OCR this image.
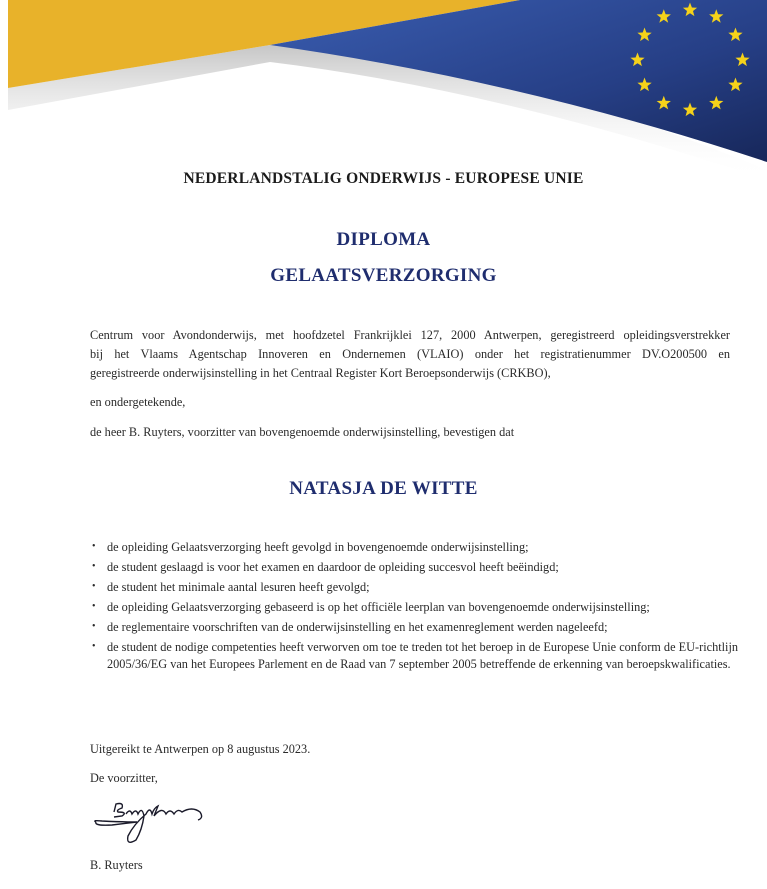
NEDERLANDSTALIG ONDERWIJS - EUROPESE UNIE
DIPLOMA
GELAATSVERZORGING
Centrum voor Avondonderwijs, met hoofdzetel Frankrijklei 127, 2000 Antwerpen, geregistreerd opleidingsverstrekker
bij het Vlaams Agentschap Innoveren en Ondernemen (VLAIO) onder het registratienummer DV.O200500 en
geregistreerde onderwijsinstelling in het Centraal Register Kort Beroepsonderwijs (CRKBO),
en ondergetekende,
de heer B. Ruyters, voorzitter van bovengenoemde onderwijsinstelling, bevestigen dat
NATASJA DE WITTE
• de opleiding Gelaatsverzorging heeft gevolgd in bovengenoemde onderwijsinstelling;
• de student geslaagd is voor het examen en daardoor de opleiding succesvol heeft beëindigd;
• de student het minimale aantal lesuren heeft gevolgd;
• de opleiding Gelaatsverzorging gebaseerd is op het officiële leerplan van bovengenoemde onderwijsinstelling;
• de reglementaire voorschriften van de onderwijsinstelling en het examenreglement werden nageleefd;
• de student de nodige competenties heeft verworven om toe te treden tot het beroep in de Europese Unie conform de EU-richtlijn 2005/36/EG van het Europees Parlement en de Raad van 7 september 2005 betreffende de erkenning van beroepskwalificaties.
Uitgereikt te Antwerpen op 8 augustus 2023.
De voorzitter,
B. Ruyters
